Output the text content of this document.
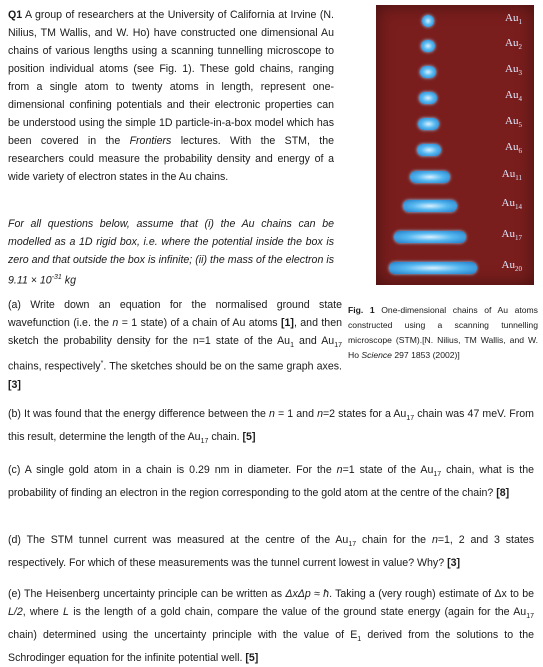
Q1 A group of researchers at the University of California at Irvine (N. Nilius, TM Wallis, and W. Ho) have constructed one dimensional Au chains of various lengths using a scanning tunnelling microscope to position individual atoms (see Fig. 1). These gold chains, ranging from a single atom to twenty atoms in length, represent one-dimensional confining potentials and their electronic properties can be understood using the simple 1D particle-in-a-box model which has been covered in the Frontiers lectures. With the STM, the researchers could measure the probability density and energy of a wide variety of electron states in the Au chains.
For all questions below, assume that (i) the Au chains can be modelled as a 1D rigid box, i.e. where the potential inside the box is zero and that outside the box is infinite; (ii) the mass of the electron is $9.11 \times 10^{-31}$ kg
$Au_1$
$Au_2$
$Au_3$
$Au_4$
$Au_5$
$Au_6$
$Au_{11}$
$Au_{14}$
$Au_{17}$
$Au_{20}$
Fig. 1 One-dimensional chains of Au atoms constructed using a scanning tunnelling microscope (STM).[N. Nilius, TM Wallis, and W. Ho Science 297 1853 (2002)]
(a) Write down an equation for the normalised ground state wavefunction (i.e. the n = 1 state) of a chain of Au atoms [1], and then sketch the probability density for the n=1 state of the $Au_1$ and $Au_{17}$ chains, respectively*. The sketches should be on the same graph axes. [3]
(b) It was found that the energy difference between the n = 1 and n=2 states for a $Au_{17}$ chain was 47 meV. From this result, determine the length of the $Au_{17}$ chain. [5]
(c) A single gold atom in a chain is 0.29 nm in diameter. For the n=1 state of the $Au_{17}$ chain, what is the probability of finding an electron in the region corresponding to the gold atom at the centre of the chain? [8]
(d) The STM tunnel current was measured at the centre of the $Au_{17}$ chain for the n=1, 2 and 3 states respectively. For which of these measurements was the tunnel current lowest in value? Why? [3]
(e) The Heisenberg uncertainty principle can be written as ΔxΔp ≈ ħ. Taking a (very rough) estimate of Δx to be L/2, where L is the length of a gold chain, compare the value of the ground state energy (again for the $Au_{17}$ chain) determined using the uncertainty principle with the value of $E_1$ derived from the solutions to the Schrodinger equation for the infinite potential well. [5]
